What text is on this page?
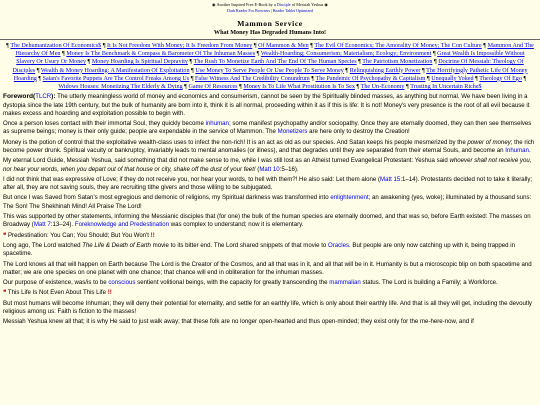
◉ Another Inspired Free E-Book by a Disciple of Messiah Yeshua ◉
Dark Reader For Browsers | Reader Tablet Optimized
Mammon Service
What Money Has Degraded Humans Into!
¶ The Dehumanization Of Economics$ ¶ It Is Not Freedom With Money; It Is Freedom From Money ¶ Of Mammon & Men ¶ The Evil Of Economics; The Amorality Of Money; The Con Culture ¶ Mammon And The Hierarchy Of Men ¶ Money Is The Benchmark & Compass & Barometer Of The Inhuman Masses ¶ Wealth-Hoarding; Consumerism; Materialism; Ecology; Environment ¶ Great Wealth Is Impossible Without Slavery Or Usury Or Money ¶ Money Hoarding Is Spiritual Depravity ¶ The Rush To Monetize Earth And The End Of The Human Species ¶ The Patriotism Monetization ¶ Doctrine Of Messiah: Theology Of Disciples ¶ Wealth & Money Hoarding: A Manifestation Of Exploitation ¶ Use Money To Serve People Or Use People To Serve Money ¶ Relinquishing Earthly Power ¶ The Horrifyingly Pathetic Life Of Money Hoarding ¶ Satan's Favorite Puppets Are The Control Freaks Among Us ¶ False Witness And The Credibility Conundrum ¶ The Pandemic Of Psychopathy & Capitalism ¶ Unequally Yoked ¶ Theology Of Ego ¶ Widows Houses: Monetizing The Elderly & Dying ¶ Game Of Resources ¶ Money Is To Life What Prostitution Is To Sex ¶ The Un-Economy ¶ Trusting In Uncertain Riche$

Foreword(TLCR): The utterly meaningless world of money and economics and consumerism, cannot be seen by the Spiritually blinded masses, as anything but normal. We have been living in a dystopia since the late 19th century, but the bulk of humanity are born into it, think it is all normal, proceeding within it as if this is life: It is not! Money's very presence is the root of all evil because it makes excess and hoarding and exploitation possible to begin with.

Once a person loses contact with their immortal Soul, they quickly become inhuman; some manifest psychopathy and/or sociopathy. Once they are eternally doomed, they can then see themselves as supreme beings; money is their only guide; people are expendable in the service of Mammon. The Monetizers are here only to destroy the Creation!

Money is the potion of control that the exploitative wealth-class uses to infect the non-rich! It is an act as old as our species. And Satan keeps his people mesmerized by the power of money; the rich become power drunk. Spiritual vacuity or bankruptcy, invariably leads to mental anomalies (or illness), and that degrades until they are separated from their eternal Souls, and become an Inhuman.

My eternal Lord Guide, Messiah Yeshua, said something that did not make sense to me, while I was still lost as an Atheist turned Evangelical Protestant: Yeshua said whoever shall not receive you, nor hear your words, when you depart out of that house or city, shake off the dust of your feet! (Matt 10:5–16).

I did not think that was expressive of Love; if they do not receive you, nor hear your words, to hell with them?! He also said: Let them alone (Matt 15:1–14). Protestants decided not to take it literally; after all, they are not saving souls, they are recruiting tithe givers and those willing to be subjugated.

But once I was Saved from Satan's most egregious and demonic of religions, my Spiritual darkness was transformed into enlightenment; an awakening (yes, woke); illuminated by a thousand suns: The Son! The Shekhinah Mind! All Praise The Lord!

This was supported by other statements, informing the Messianic disciples that (for one) the bulk of the human species are eternally doomed, and that was so, before Earth existed: The masses on Broadway (Matt 7:13–24). Foreknowledge and Predestination was complex to understand; now it is elementary.

❝ Predestination: You Can; You Should; But You Won't !!

Long ago, The Lord watched The Life & Death of Earth movie to its bitter end. The Lord shared snippets of that movie to Oracles. But people are only now catching up with it, being trapped in spacetime.

The Lord knows all that will happen on Earth because The Lord is the Creator of the Cosmos, and all that was in it, and all that will be in it. Humanity is but a microscopic blip on both spacetime and matter; we are one species on one planet with one chance; that chance will end in obliteration for the inhuman masses.

Our purpose of existence, was/is to be conscious sentient volitional beings, with the capacity for greatly transcending the mammalian status. The Lord is building a Family; a Workforce.

❝ This Life Is Not Even About This Life !!

But most humans will become Inhuman; they will deny their potential for eternality, and settle for an earthly life, which is only about their earthly life. And that is all they will get, including the devoutly religious among us: Faith is fiction to the masses!

Messiah Yeshua knew all that; it is why He said to just walk away; that these folk are no longer open-hearted and thus open-minded; they exist only for the me-here-now, and if
